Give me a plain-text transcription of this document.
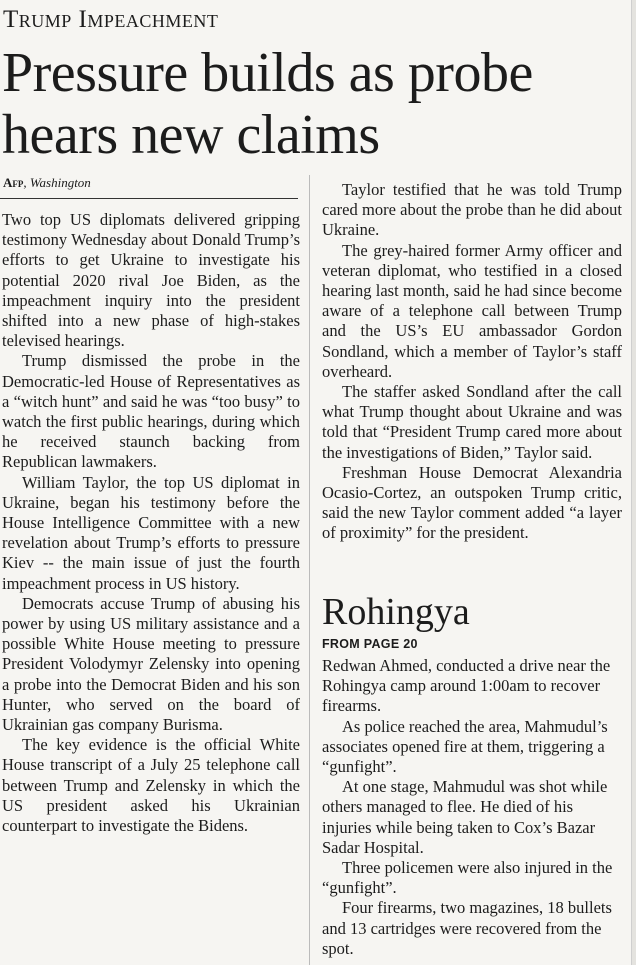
Trump Impeachment
Pressure builds as probe hears new claims
Afp, Washington

Two top US diplomats delivered gripping testimony Wednesday about Donald Trump’s efforts to get Ukraine to investigate his potential 2020 rival Joe Biden, as the impeachment inquiry into the president shifted into a new phase of high-stakes televised hearings.

Trump dismissed the probe in the Democratic-led House of Representatives as a “witch hunt” and said he was “too busy” to watch the first public hearings, during which he received staunch backing from Republican lawmakers.

William Taylor, the top US diplomat in Ukraine, began his testimony before the House Intelligence Committee with a new revelation about Trump’s efforts to pressure Kiev -- the main issue of just the fourth impeachment process in US history.

Democrats accuse Trump of abusing his power by using US military assistance and a possible White House meeting to pressure President Volodymyr Zelensky into opening a probe into the Democrat Biden and his son Hunter, who served on the board of Ukrainian gas company Burisma.

The key evidence is the official White House transcript of a July 25 telephone call between Trump and Zelensky in which the US president asked his Ukrainian counterpart to investigate the Bidens.

Taylor testified that he was told Trump cared more about the probe than he did about Ukraine.

The grey-haired former Army officer and veteran diplomat, who testified in a closed hearing last month, said he had since become aware of a telephone call between Trump and the US’s EU ambassador Gordon Sondland, which a member of Taylor’s staff overheard.

The staffer asked Sondland after the call what Trump thought about Ukraine and was told that “President Trump cared more about the investigations of Biden,” Taylor said.

Freshman House Democrat Alexandria Ocasio-Cortez, an outspoken Trump critic, said the new Taylor comment added “a layer of proximity” for the president.

Rohingya
FROM PAGE 20

Redwan Ahmed, conducted a drive near the Rohingya camp around 1:00am to recover firearms.

As police reached the area, Mahmudul’s associates opened fire at them, triggering a “gunfight”.

At one stage, Mahmudul was shot while others managed to flee. He died of his injuries while being taken to Cox’s Bazar Sadar Hospital.

Three policemen were also injured in the “gunfight”.

Four firearms, two magazines, 18 bullets and 13 cartridges were recovered from the spot.
